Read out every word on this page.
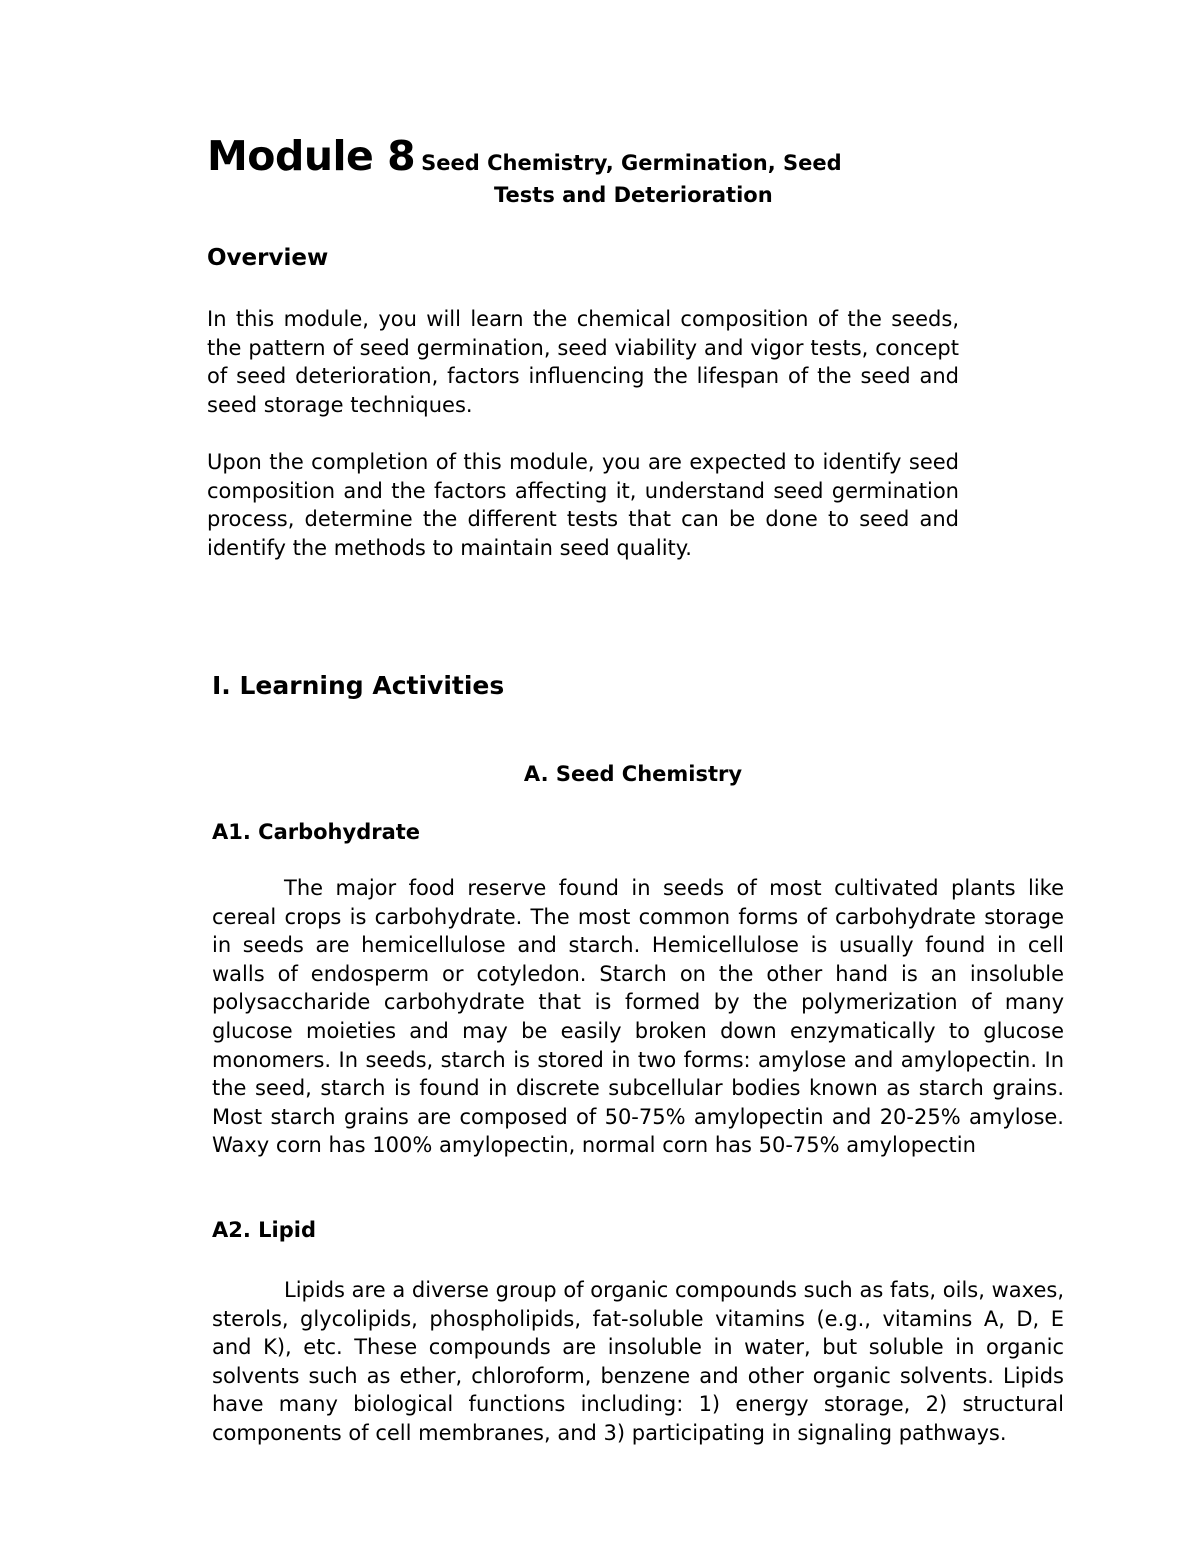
Module 8 Seed Chemistry, Germination, Seed
Tests and Deterioration
Overview

In this module, you will learn the chemical composition of the seeds, the pattern of seed germination, seed viability and vigor tests, concept of seed deterioration, factors influencing the lifespan of the seed and seed storage techniques.

Upon the completion of this module, you are expected to identify seed composition and the factors affecting it, understand seed germination process, determine the different tests that can be done to seed and identify the methods to maintain seed quality.

I. Learning Activities
A. Seed Chemistry
A1. Carbohydrate

The major food reserve found in seeds of most cultivated plants like cereal crops is carbohydrate. The most common forms of carbohydrate storage in seeds are hemicellulose and starch. Hemicellulose is usually found in cell walls of endosperm or cotyledon. Starch on the other hand is an insoluble polysaccharide carbohydrate that is formed by the polymerization of many glucose moieties and may be easily broken down enzymatically to glucose monomers. In seeds, starch is stored in two forms: amylose and amylopectin. In the seed, starch is found in discrete subcellular bodies known as starch grains. Most starch grains are composed of 50-75% amylopectin and 20-25% amylose. Waxy corn has 100% amylopectin, normal corn has 50-75% amylopectin

A2. Lipid

Lipids are a diverse group of organic compounds such as fats, oils, waxes, sterols, glycolipids, phospholipids, fat-soluble vitamins (e.g., vitamins A, D, E and K), etc. These compounds are insoluble in water, but soluble in organic solvents such as ether, chloroform, benzene and other organic solvents. Lipids have many biological functions including: 1) energy storage, 2) structural components of cell membranes, and 3) participating in signaling pathways.
